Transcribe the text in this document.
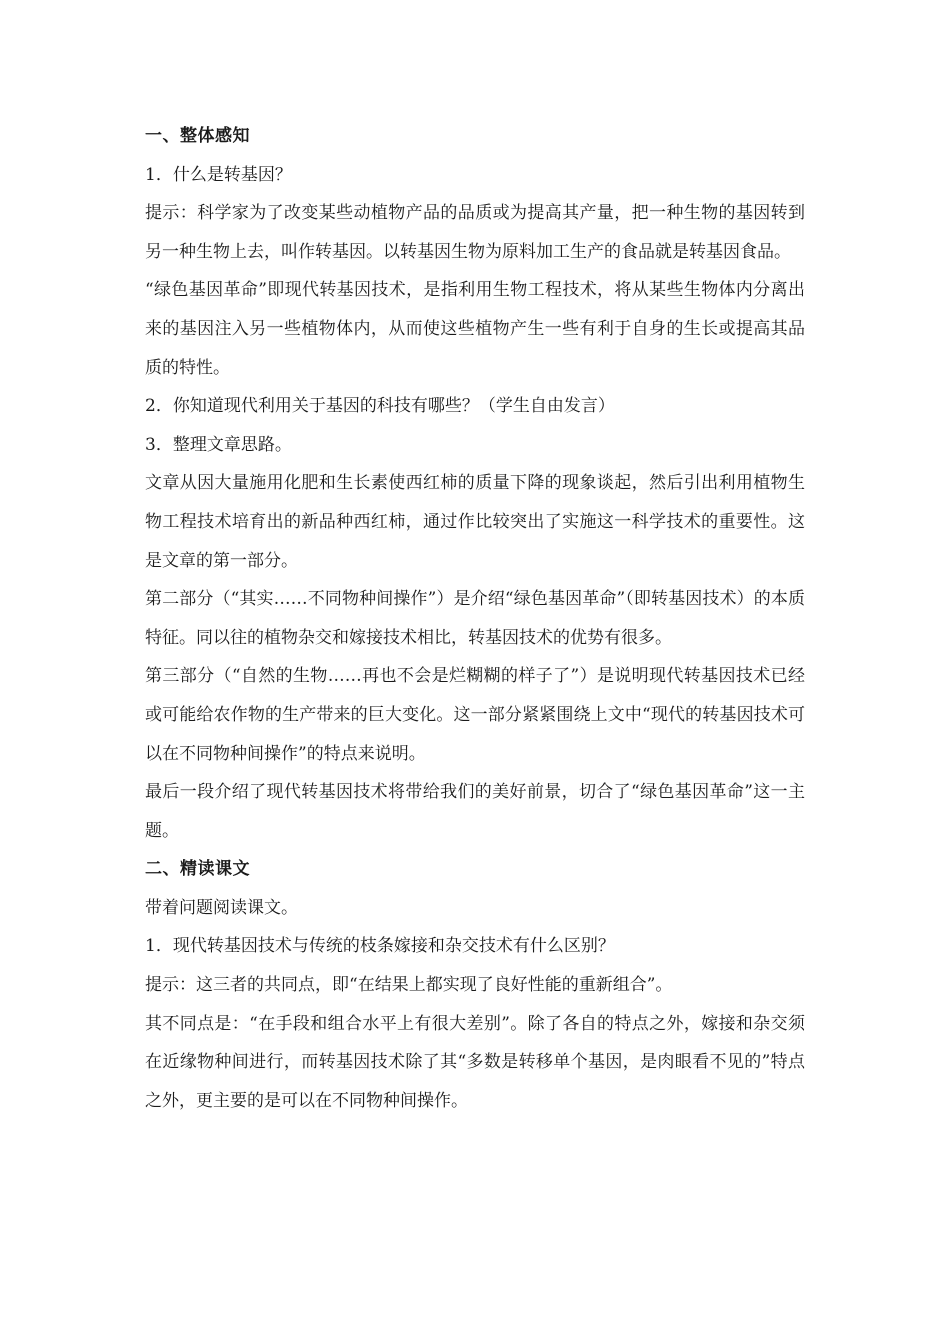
一、整体感知

1．什么是转基因？

提示：科学家为了改变某些动植物产品的品质或为提高其产量，把一种生物的基因转到另一种生物上去，叫作转基因。以转基因生物为原料加工生产的食品就是转基因食品。

“绿色基因革命”即现代转基因技术，是指利用生物工程技术，将从某些生物体内分离出来的基因注入另一些植物体内，从而使这些植物产生一些有利于自身的生长或提高其品质的特性。

2．你知道现代利用关于基因的科技有哪些？（学生自由发言）

3．整理文章思路。

文章从因大量施用化肥和生长素使西红柿的质量下降的现象谈起，然后引出利用植物生物工程技术培育出的新品种西红柿，通过作比较突出了实施这一科学技术的重要性。这是文章的第一部分。

第二部分（“其实……不同物种间操作”）是介绍“绿色基因革命”（即转基因技术）的本质特征。同以往的植物杂交和嫁接技术相比，转基因技术的优势有很多。

第三部分（“自然的生物……再也不会是烂糊糊的样子了”）是说明现代转基因技术已经或可能给农作物的生产带来的巨大变化。这一部分紧紧围绕上文中“现代的转基因技术可以在不同物种间操作”的特点来说明。

最后一段介绍了现代转基因技术将带给我们的美好前景，切合了“绿色基因革命”这一主题。

二、精读课文

带着问题阅读课文。

1．现代转基因技术与传统的枝条嫁接和杂交技术有什么区别？

提示：这三者的共同点，即“在结果上都实现了良好性能的重新组合”。

其不同点是：“在手段和组合水平上有很大差别”。除了各自的特点之外，嫁接和杂交须在近缘物种间进行，而转基因技术除了其“多数是转移单个基因，是肉眼看不见的”特点之外，更主要的是可以在不同物种间操作。
